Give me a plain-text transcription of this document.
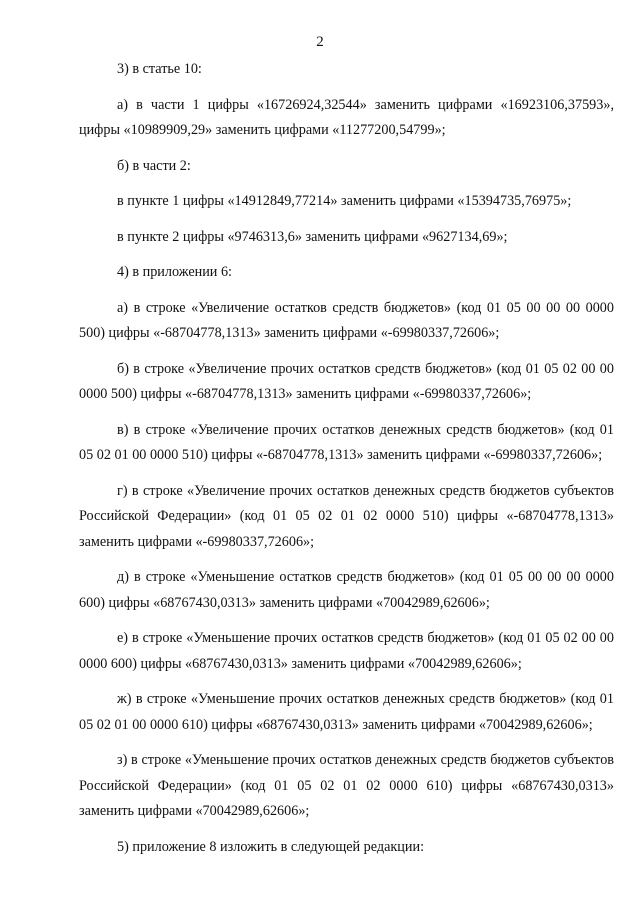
2

3) в статье 10:

а) в части 1 цифры «16726924,32544» заменить цифрами «16923106,37593», цифры «10989909,29» заменить цифрами «11277200,54799»;

б) в части 2:

в пункте 1 цифры «14912849,77214» заменить цифрами «15394735,76975»;

в пункте 2 цифры «9746313,6» заменить цифрами «9627134,69»;

4) в приложении 6:

а) в строке «Увеличение остатков средств бюджетов» (код 01 05 00 00 00 0000 500) цифры «-68704778,1313» заменить цифрами «-69980337,72606»;

б) в строке «Увеличение прочих остатков средств бюджетов» (код 01 05 02 00 00 0000 500) цифры «-68704778,1313» заменить цифрами «-69980337,72606»;

в) в строке «Увеличение прочих остатков денежных средств бюджетов» (код 01 05 02 01 00 0000 510) цифры «-68704778,1313» заменить цифрами «-69980337,72606»;

г) в строке «Увеличение прочих остатков денежных средств бюджетов субъектов Российской Федерации» (код 01 05 02 01 02 0000 510) цифры «-68704778,1313» заменить цифрами «-69980337,72606»;

д) в строке «Уменьшение остатков средств бюджетов» (код 01 05 00 00 00 0000 600) цифры «68767430,0313» заменить цифрами «70042989,62606»;

е) в строке «Уменьшение прочих остатков средств бюджетов» (код 01 05 02 00 00 0000 600) цифры «68767430,0313» заменить цифрами «70042989,62606»;

ж) в строке «Уменьшение прочих остатков денежных средств бюджетов» (код 01 05 02 01 00 0000 610) цифры «68767430,0313» заменить цифрами «70042989,62606»;

з) в строке «Уменьшение прочих остатков денежных средств бюджетов субъектов Российской Федерации» (код 01 05 02 01 02 0000 610) цифры «68767430,0313» заменить цифрами «70042989,62606»;

5) приложение 8 изложить в следующей редакции:
